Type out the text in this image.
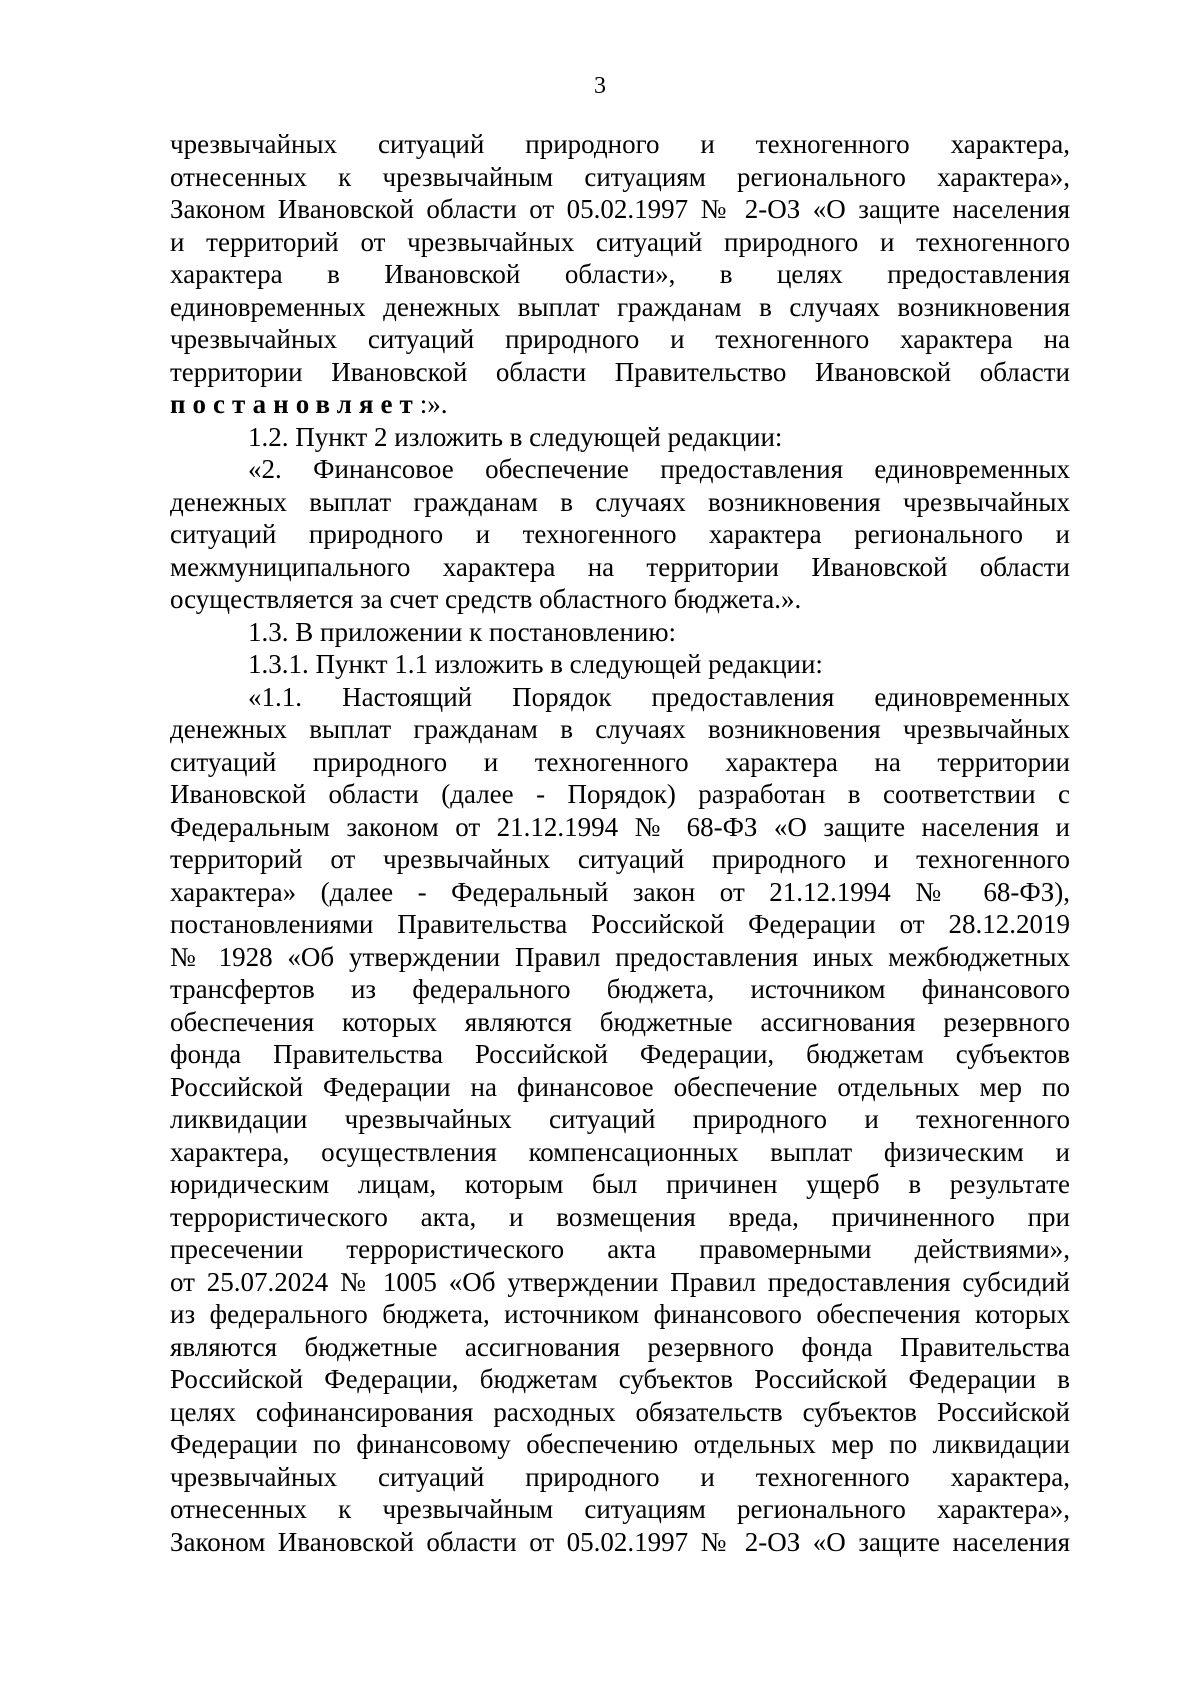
3
чрезвычайных ситуаций природного и техногенного характера,
отнесенных к чрезвычайным ситуациям регионального характера»,
Законом Ивановской области от 05.02.1997 № 2-ОЗ «О защите населения
и территорий от чрезвычайных ситуаций природного и техногенного
характера в Ивановской области», в целях предоставления
единовременных денежных выплат гражданам в случаях возникновения
чрезвычайных ситуаций природного и техногенного характера на
территории Ивановской области Правительство Ивановской области
постановляет:».
1.2. Пункт 2 изложить в следующей редакции:
«2. Финансовое обеспечение предоставления единовременных
денежных выплат гражданам в случаях возникновения чрезвычайных
ситуаций природного и техногенного характера регионального и
межмуниципального характера на территории Ивановской области
осуществляется за счет средств областного бюджета.».
1.3. В приложении к постановлению:
1.3.1. Пункт 1.1 изложить в следующей редакции:
«1.1. Настоящий Порядок предоставления единовременных
денежных выплат гражданам в случаях возникновения чрезвычайных
ситуаций природного и техногенного характера на территории
Ивановской области (далее - Порядок) разработан в соответствии с
Федеральным законом от 21.12.1994 № 68-ФЗ «О защите населения и
территорий от чрезвычайных ситуаций природного и техногенного
характера» (далее - Федеральный закон от 21.12.1994 № 68-ФЗ),
постановлениями Правительства Российской Федерации от 28.12.2019
№ 1928 «Об утверждении Правил предоставления иных межбюджетных
трансфертов из федерального бюджета, источником финансового
обеспечения которых являются бюджетные ассигнования резервного
фонда Правительства Российской Федерации, бюджетам субъектов
Российской Федерации на финансовое обеспечение отдельных мер по
ликвидации чрезвычайных ситуаций природного и техногенного
характера, осуществления компенсационных выплат физическим и
юридическим лицам, которым был причинен ущерб в результате
террористического акта, и возмещения вреда, причиненного при
пресечении террористического акта правомерными действиями»,
от 25.07.2024 № 1005 «Об утверждении Правил предоставления субсидий
из федерального бюджета, источником финансового обеспечения которых
являются бюджетные ассигнования резервного фонда Правительства
Российской Федерации, бюджетам субъектов Российской Федерации в
целях софинансирования расходных обязательств субъектов Российской
Федерации по финансовому обеспечению отдельных мер по ликвидации
чрезвычайных ситуаций природного и техногенного характера,
отнесенных к чрезвычайным ситуациям регионального характера»,
Законом Ивановской области от 05.02.1997 № 2-ОЗ «О защите населения
